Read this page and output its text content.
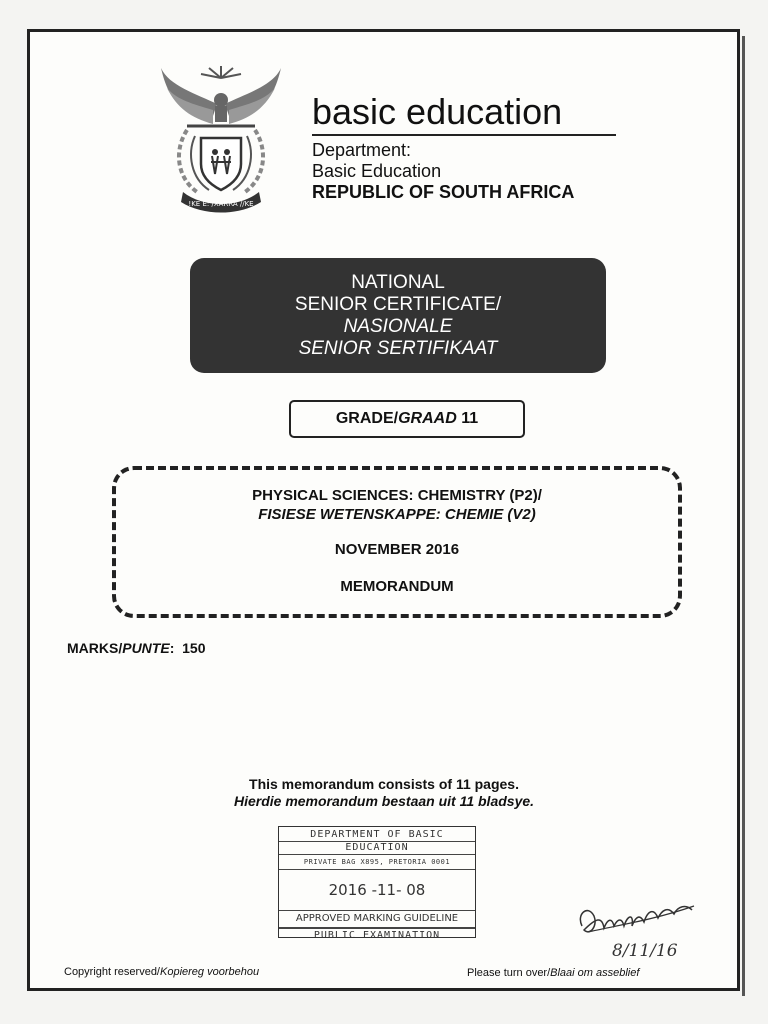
!KE E: /XARRA //KE
basic education
Department:
Basic Education
REPUBLIC OF SOUTH AFRICA
NATIONAL
SENIOR CERTIFICATE/
NASIONALE
SENIOR SERTIFIKAAT
GRADE/ GRAAD
11
PHYSICAL SCIENCES: CHEMISTRY (P2)/
FISIESE WETENSKAPPE: CHEMIE (V2)
NOVEMBER 2016
MEMORANDUM
MARKS/PUNTE: 150
This memorandum consists of 11 pages.
Hierdie memorandum bestaan uit 11 bladsye.
DEPARTMENT OF BASIC
EDUCATION
PRIVATE BAG X895, PRETORIA 0001
2016 -11- 08
APPROVED MARKING GUIDELINE
PUBLIC EXAMINATION
8/11/16
Copyright reserved/Kopiereg voorbehou	Please turn over/Blaai om asseblief
